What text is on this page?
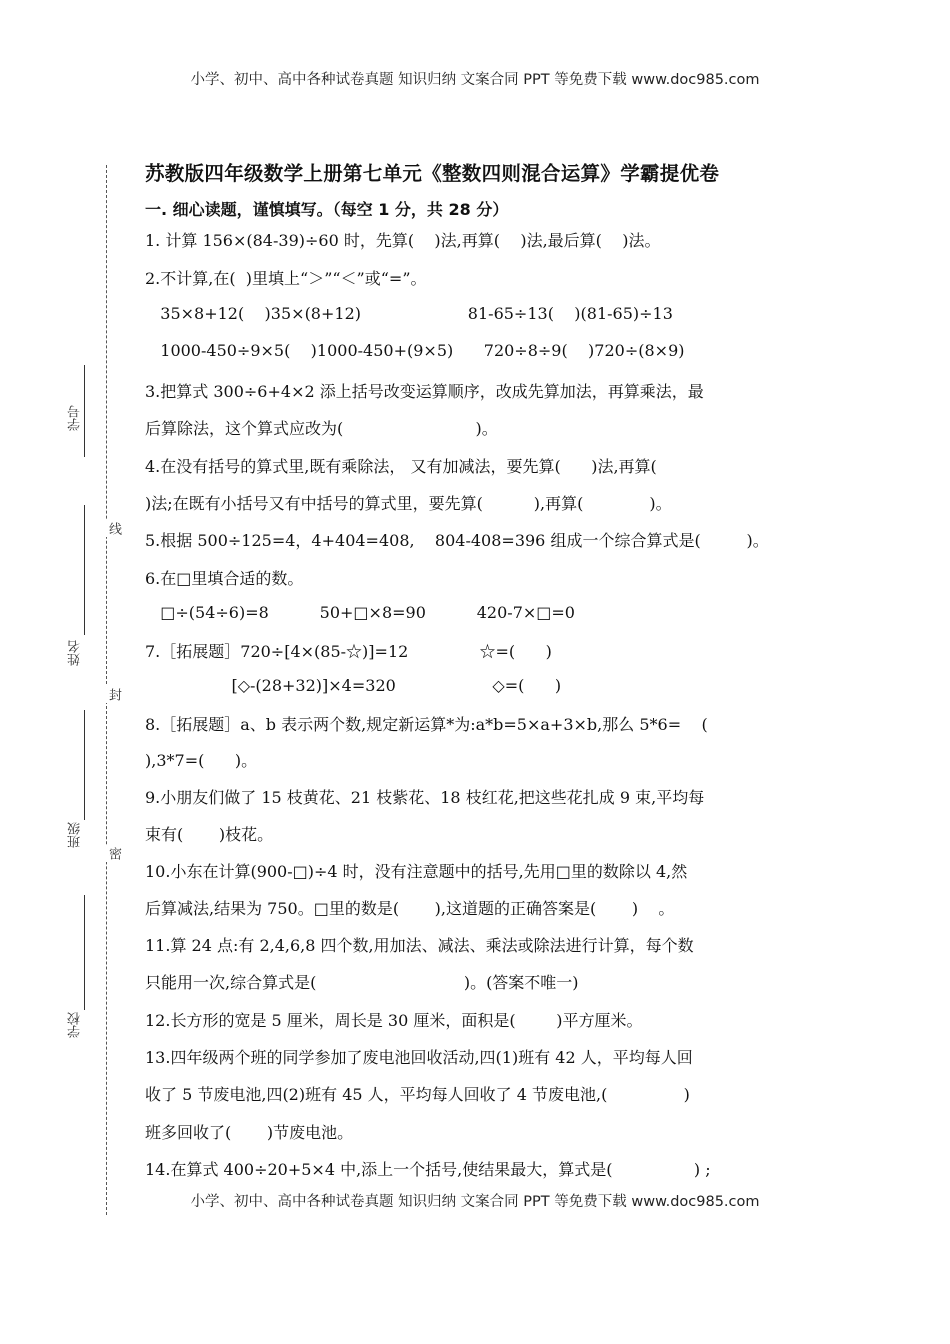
小学、初中、高中各种试卷真题 知识归纳 文案合同 PPT 等免费下载 www.doc985.com
学号
姓名
班级
学校
线
封
密
苏教版四年级数学上册第七单元《整数四则混合运算》学霸提优卷
一. 细心读题，谨慎填写。（每空 1 分，共 28 分）
1. 计算 156×(84-39)÷60 时，先算(    )法,再算(    )法,最后算(    )法。
2.不计算,在(  )里填上“＞”“＜”或“=”。
35×8+12(    )35×(8+12)                     81-65÷13(    )(81-65)÷13
1000-450÷9×5(    )1000-450+(9×5)      720÷8÷9(    )720÷(8×9)
3.把算式 300÷6+4×2 添上括号改变运算顺序，改成先算加法，再算乘法，最
后算除法，这个算式应改为(                          )。
4.在没有括号的算式里,既有乘除法， 又有加减法，要先算(      )法,再算(
)法;在既有小括号又有中括号的算式里，要先算(          ),再算(             )。
5.根据 500÷125=4，4+404=408,    804-408=396 组成一个综合算式是(         )。
6.在□里填合适的数。
□÷(54÷6)=8          50+□×8=90          420-7×□=0
7.［拓展题］720÷[4×(85-☆)]=12              ☆=(      )
[◇-(28+32)]×4=320                   ◇=(      )
8.［拓展题］a、b 表示两个数,规定新运算*为:a*b=5×a+3×b,那么 5*6=    (
),3*7=(      )。
9.小朋友们做了 15 枝黄花、21 枝紫花、18 枝红花,把这些花扎成 9 束,平均每
束有(       )枝花。
10.小东在计算(900-□)÷4 时，没有注意题中的括号,先用□里的数除以 4,然
后算减法,结果为 750。□里的数是(       ),这道题的正确答案是(       )    。
11.算 24 点:有 2,4,6,8 四个数,用加法、减法、乘法或除法进行计算，每个数
只能用一次,综合算式是(                             )。(答案不唯一)
12.长方形的宽是 5 厘米，周长是 30 厘米，面积是(        )平方厘米。
13.四年级两个班的同学参加了废电池回收活动,四(1)班有 42 人，平均每人回
收了 5 节废电池,四(2)班有 45 人，平均每人回收了 4 节废电池,(               )
班多回收了(       )节废电池。
14.在算式 400÷20+5×4 中,添上一个括号,使结果最大，算式是(                ) ;
小学、初中、高中各种试卷真题 知识归纳 文案合同 PPT 等免费下载 www.doc985.com
